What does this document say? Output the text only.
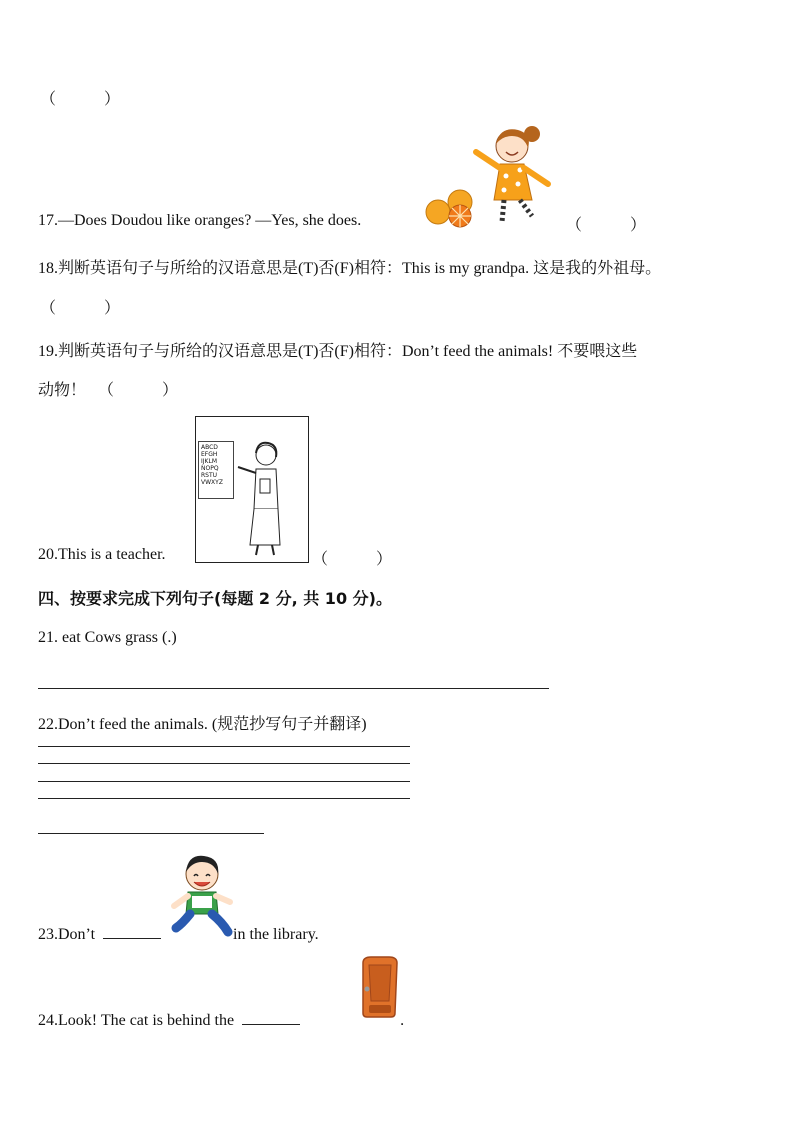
（　　　）
17.—Does Doudou like oranges? —Yes, she does.	（　　　）
18.判断英语句子与所给的汉语意思是(T)否(F)相符：This is my grandpa. 这是我的外祖母。
（　　　）
19.判断英语句子与所给的汉语意思是(T)否(F)相符：Don’t feed the animals! 不要喂这些
动物！ （　　　）
ABCD
EFGH
IJKLM
NOPQ
RSTU
VWXYZ
20.This is a teacher.	（　　　）
四、按要求完成下列句子(每题 2 分, 共 10 分)。
21. eat Cows grass (.)
22.Don’t feed the animals. (规范抄写句子并翻译)
23.Don’t	in the library.
24.Look! The cat is behind the	.
